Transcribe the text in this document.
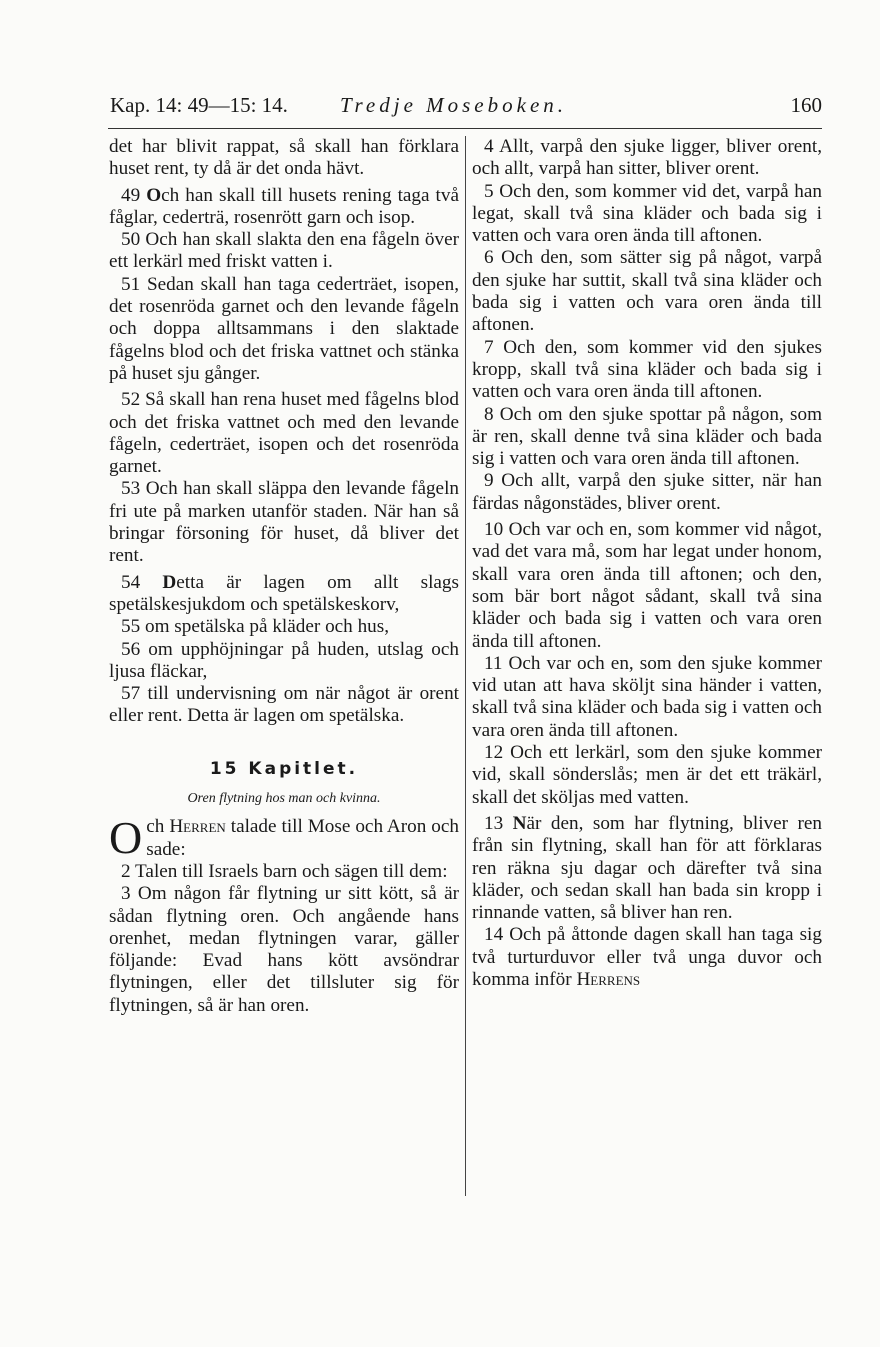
Kap. 14: 49—15: 14. Tredje Moseboken.	160

det har blivit rappat, så skall han förklara huset rent, ty då är det onda hävt.

49 Och han skall till husets rening taga två fåglar, cederträ, rosenrött garn och isop.

50 Och han skall slakta den ena fågeln över ett lerkärl med friskt vatten i.

51 Sedan skall han taga cederträet, isopen, det rosenröda garnet och den levande fågeln och doppa alltsammans i den slaktade fågelns blod och det friska vattnet och stänka på huset sju gånger.

52 Så skall han rena huset med fågelns blod och det friska vattnet och med den levande fågeln, cederträet, isopen och det rosenröda garnet.

53 Och han skall släppa den levande fågeln fri ute på marken utanför staden. När han så bringar försoning för huset, då bliver det rent.

54 Detta är lagen om allt slags spetälskesjukdom och spetälskeskorv,

55 om spetälska på kläder och hus,

56 om upphöjningar på huden, utslag och ljusa fläckar,

57 till undervisning om när något är orent eller rent. Detta är lagen om spetälska.

15 Kapitlet.
Oren flytning hos man och kvinna.

Och Herren talade till Mose och Aron och sade:

2 Talen till Israels barn och sägen till dem:

3 Om någon får flytning ur sitt kött, så är sådan flytning oren. Och angående hans orenhet, medan flytningen varar, gäller följande: Evad hans kött avsöndrar flytningen, eller det tillsluter sig för flytningen, så är han oren.

4 Allt, varpå den sjuke ligger, bliver orent, och allt, varpå han sitter, bliver orent.

5 Och den, som kommer vid det, varpå han legat, skall två sina kläder och bada sig i vatten och vara oren ända till aftonen.

6 Och den, som sätter sig på något, varpå den sjuke har suttit, skall två sina kläder och bada sig i vatten och vara oren ända till aftonen.

7 Och den, som kommer vid den sjukes kropp, skall två sina kläder och bada sig i vatten och vara oren ända till aftonen.

8 Och om den sjuke spottar på någon, som är ren, skall denne två sina kläder och bada sig i vatten och vara oren ända till aftonen.

9 Och allt, varpå den sjuke sitter, när han färdas någonstädes, bliver orent.

10 Och var och en, som kommer vid något, vad det vara må, som har legat under honom, skall vara oren ända till aftonen; och den, som bär bort något sådant, skall två sina kläder och bada sig i vatten och vara oren ända till aftonen.

11 Och var och en, som den sjuke kommer vid utan att hava sköljt sina händer i vatten, skall två sina kläder och bada sig i vatten och vara oren ända till aftonen.

12 Och ett lerkärl, som den sjuke kommer vid, skall sönderslås; men är det ett träkärl, skall det sköljas med vatten.

13 När den, som har flytning, bliver ren från sin flytning, skall han för att förklaras ren räkna sju dagar och därefter två sina kläder, och sedan skall han bada sin kropp i rinnande vatten, så bliver han ren.

14 Och på åttonde dagen skall han taga sig två turturduvor eller två unga duvor och komma inför Herrens
